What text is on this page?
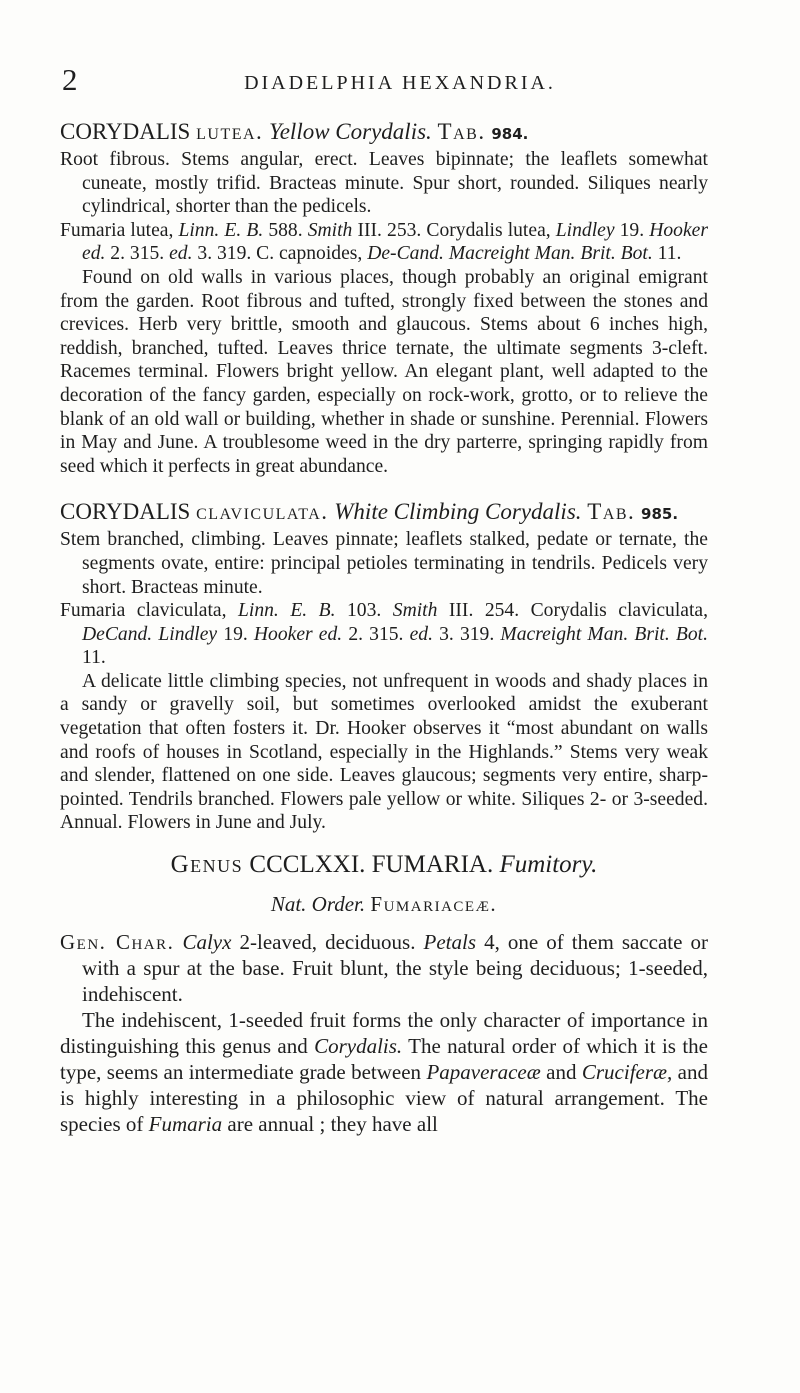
2	DIADELPHIA HEXANDRIA.

CORYDALIS lutea. Yellow Corydalis. Tab. 984.

Root fibrous. Stems angular, erect. Leaves bipinnate; the leaflets somewhat cuneate, mostly trifid. Bracteas minute. Spur short, rounded. Siliques nearly cylindrical, shorter than the pedicels.

Fumaria lutea, Linn. E. B. 588. Smith III. 253. Corydalis lutea, Lindley 19. Hooker ed. 2. 315. ed. 3. 319. C. capnoides, De-Cand. Macreight Man. Brit. Bot. 11.

Found on old walls in various places, though probably an original emigrant from the garden. Root fibrous and tufted, strongly fixed between the stones and crevices. Herb very brittle, smooth and glaucous. Stems about 6 inches high, reddish, branched, tufted. Leaves thrice ternate, the ultimate segments 3-cleft. Racemes terminal. Flowers bright yellow. An elegant plant, well adapted to the decoration of the fancy garden, especially on rock-work, grotto, or to relieve the blank of an old wall or building, whether in shade or sunshine. Perennial. Flowers in May and June. A troublesome weed in the dry parterre, springing rapidly from seed which it perfects in great abundance.

CORYDALIS claviculata. White Climbing Corydalis. Tab. 985.

Stem branched, climbing. Leaves pinnate; leaflets stalked, pedate or ternate, the segments ovate, entire: principal petioles terminating in tendrils. Pedicels very short. Bracteas minute.

Fumaria claviculata, Linn. E. B. 103. Smith III. 254. Corydalis claviculata, DeCand. Lindley 19. Hooker ed. 2. 315. ed. 3. 319. Macreight Man. Brit. Bot. 11.

A delicate little climbing species, not unfrequent in woods and shady places in a sandy or gravelly soil, but sometimes overlooked amidst the exuberant vegetation that often fosters it. Dr. Hooker observes it “most abundant on walls and roofs of houses in Scotland, especially in the Highlands.” Stems very weak and slender, flattened on one side. Leaves glaucous; segments very entire, sharp-pointed. Tendrils branched. Flowers pale yellow or white. Siliques 2- or 3-seeded. Annual. Flowers in June and July.

Genus CCCLXXI. FUMARIA. Fumitory.

Nat. Order. Fumariaceæ.

Gen. Char. Calyx 2-leaved, deciduous. Petals 4, one of them saccate or with a spur at the base. Fruit blunt, the style being deciduous; 1-seeded, indehiscent.

The indehiscent, 1-seeded fruit forms the only character of importance in distinguishing this genus and Corydalis. The natural order of which it is the type, seems an intermediate grade between Papaveraceæ and Cruciferæ, and is highly interesting in a philosophic view of natural arrangement. The species of Fumaria are annual ; they have all
